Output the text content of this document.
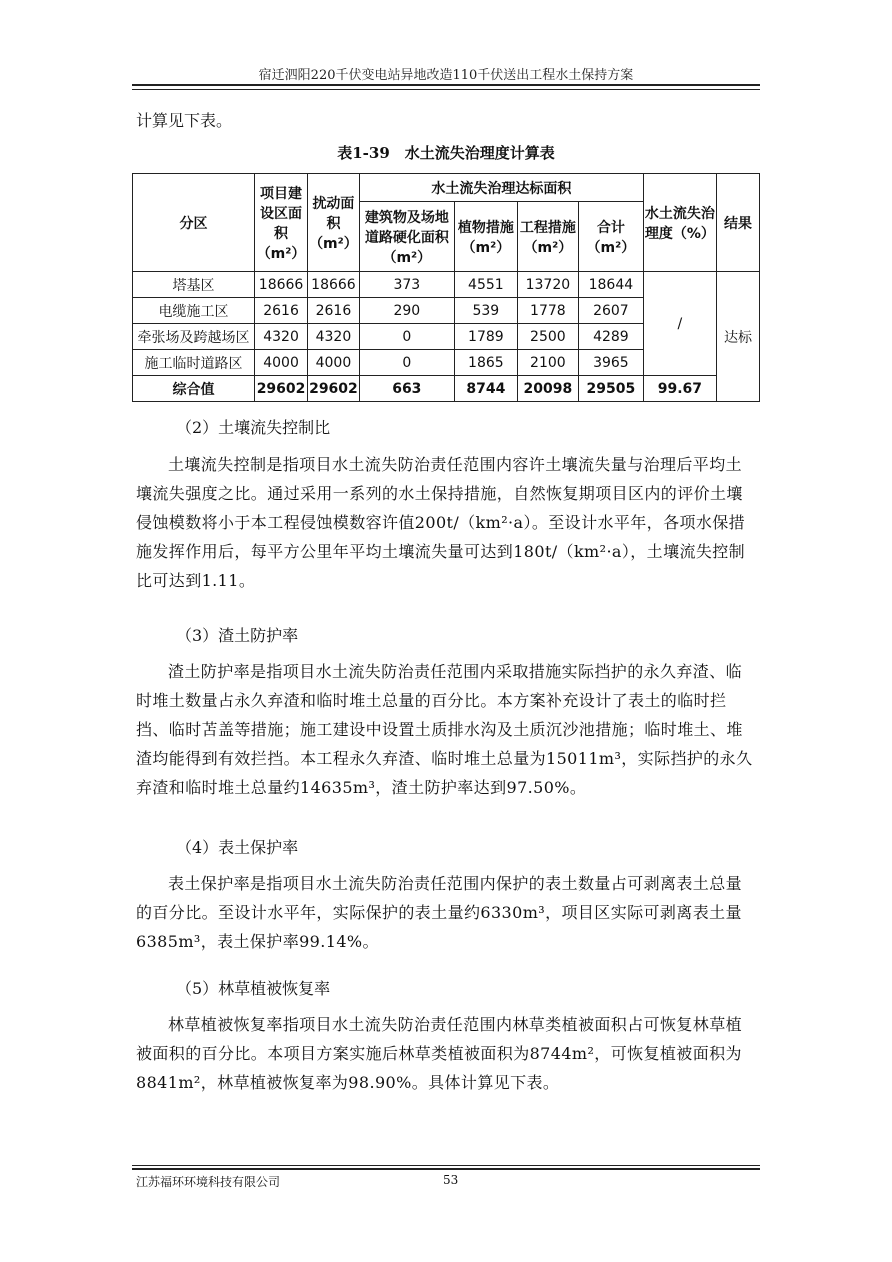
宿迁泗阳220千伏变电站异地改造110千伏送出工程水土保持方案
计算见下表。
表1-39　水土流失治理度计算表
分区	项目建设区面积（m²）	扰动面积（m²）	水土流失治理达标面积				水土流失治理度（%）	结果
			建筑物及场地道路硬化面积（m²）	植物措施（m²）	工程措施（m²）	合计（m²）		
塔基区	18666	18666	373	4551	13720	18644	/	达标
电缆施工区	2616	2616	290	539	1778	2607		
牵张场及跨越场区	4320	4320	0	1789	2500	4289		
施工临时道路区	4000	4000	0	1865	2100	3965		
综合值	29602	29602	663	8744	20098	29505	99.67	
（2）土壤流失控制比
土壤流失控制是指项目水土流失防治责任范围内容许土壤流失量与治理后平均土壤流失强度之比。通过采用一系列的水土保持措施，自然恢复期项目区内的评价土壤侵蚀模数将小于本工程侵蚀模数容许值200t/（km²·a）。至设计水平年，各项水保措施发挥作用后，每平方公里年平均土壤流失量可达到180t/（km²·a），土壤流失控制比可达到1.11。
（3）渣土防护率
渣土防护率是指项目水土流失防治责任范围内采取措施实际挡护的永久弃渣、临时堆土数量占永久弃渣和临时堆土总量的百分比。本方案补充设计了表土的临时拦挡、临时苫盖等措施；施工建设中设置土质排水沟及土质沉沙池措施；临时堆土、堆渣均能得到有效拦挡。本工程永久弃渣、临时堆土总量为15011m³，实际挡护的永久弃渣和临时堆土总量约14635m³，渣土防护率达到97.50%。
（4）表土保护率
表土保护率是指项目水土流失防治责任范围内保护的表土数量占可剥离表土总量的百分比。至设计水平年，实际保护的表土量约6330m³，项目区实际可剥离表土量6385m³，表土保护率99.14%。
（5）林草植被恢复率
林草植被恢复率指项目水土流失防治责任范围内林草类植被面积占可恢复林草植被面积的百分比。本项目方案实施后林草类植被面积为8744m²，可恢复植被面积为8841m²，林草植被恢复率为98.90%。具体计算见下表。
江苏福环环境科技有限公司	53
